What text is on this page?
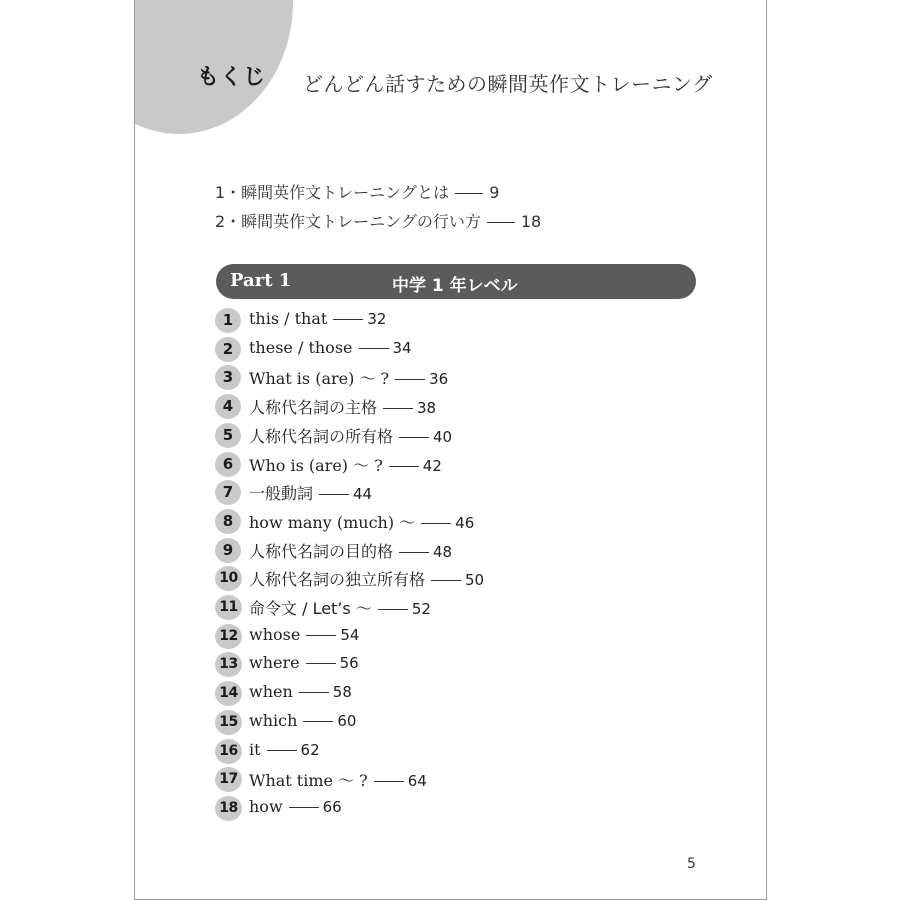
もくじ どんどん話すための瞬間英作文トレーニング
1・瞬間英作文トレーニングとは	9
2・瞬間英作文トレーニングの行い方	18
Part 1	中学 1 年レベル
1 this / that	32
2 these / those	34
3 What is (are) ～ ?	36
4 人称代名詞の主格	38
5 人称代名詞の所有格	40
6 Who is (are) ～ ?	42
7 一般動詞	44
8 how many (much) ～	46
9 人称代名詞の目的格	48
10 人称代名詞の独立所有格	50
11 命令文 / Let’s ～	52
12 whose	54
13 where	56
14 when	58
15 which	60
16 it	62
17 What time ～ ?	64
18 how	66
5
